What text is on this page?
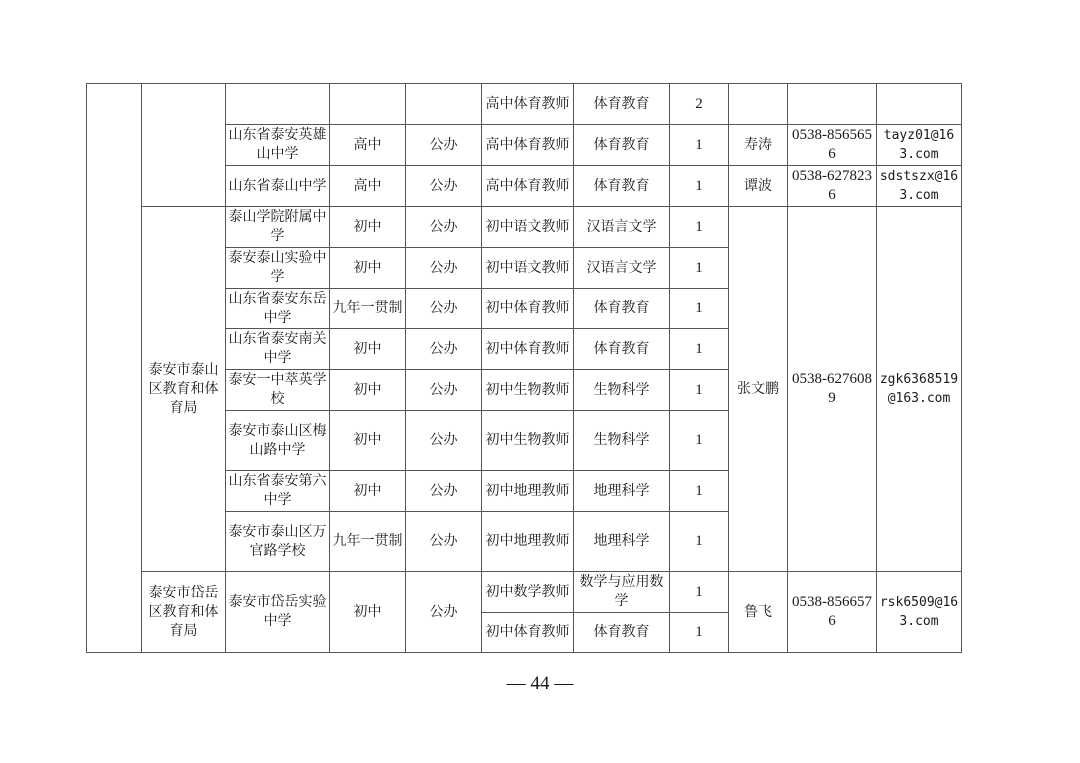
					高中体育教师	体育教育	2			
		山东省泰安英雄山中学	高中	公办	高中体育教师	体育教育	1	寿涛	0538-8565656	tayz01@163.com
		山东省泰山中学	高中	公办	高中体育教师	体育教育	1	谭波	0538-6278236	sdstszx@163.com
	泰安市泰山区教育和体育局	泰山学院附属中学	初中	公办	初中语文教师	汉语言文学	1	张文鹏	0538-6276089	zgk6368519@163.com
		泰安泰山实验中学	初中	公办	初中语文教师	汉语言文学	1			
		山东省泰安东岳中学	九年一贯制	公办	初中体育教师	体育教育	1			
		山东省泰安南关中学	初中	公办	初中体育教师	体育教育	1			
		泰安一中萃英学校	初中	公办	初中生物教师	生物科学	1			
		泰安市泰山区梅山路中学	初中	公办	初中生物教师	生物科学	1			
		山东省泰安第六中学	初中	公办	初中地理教师	地理科学	1			
		泰安市泰山区万官路学校	九年一贯制	公办	初中地理教师	地理科学	1			
	泰安市岱岳区教育和体育局	泰安市岱岳实验中学	初中	公办	初中数学教师	数学与应用数学	1	鲁飞	0538-8566576	rsk6509@163.com
					初中体育教师	体育教育	1			
— 44 —
